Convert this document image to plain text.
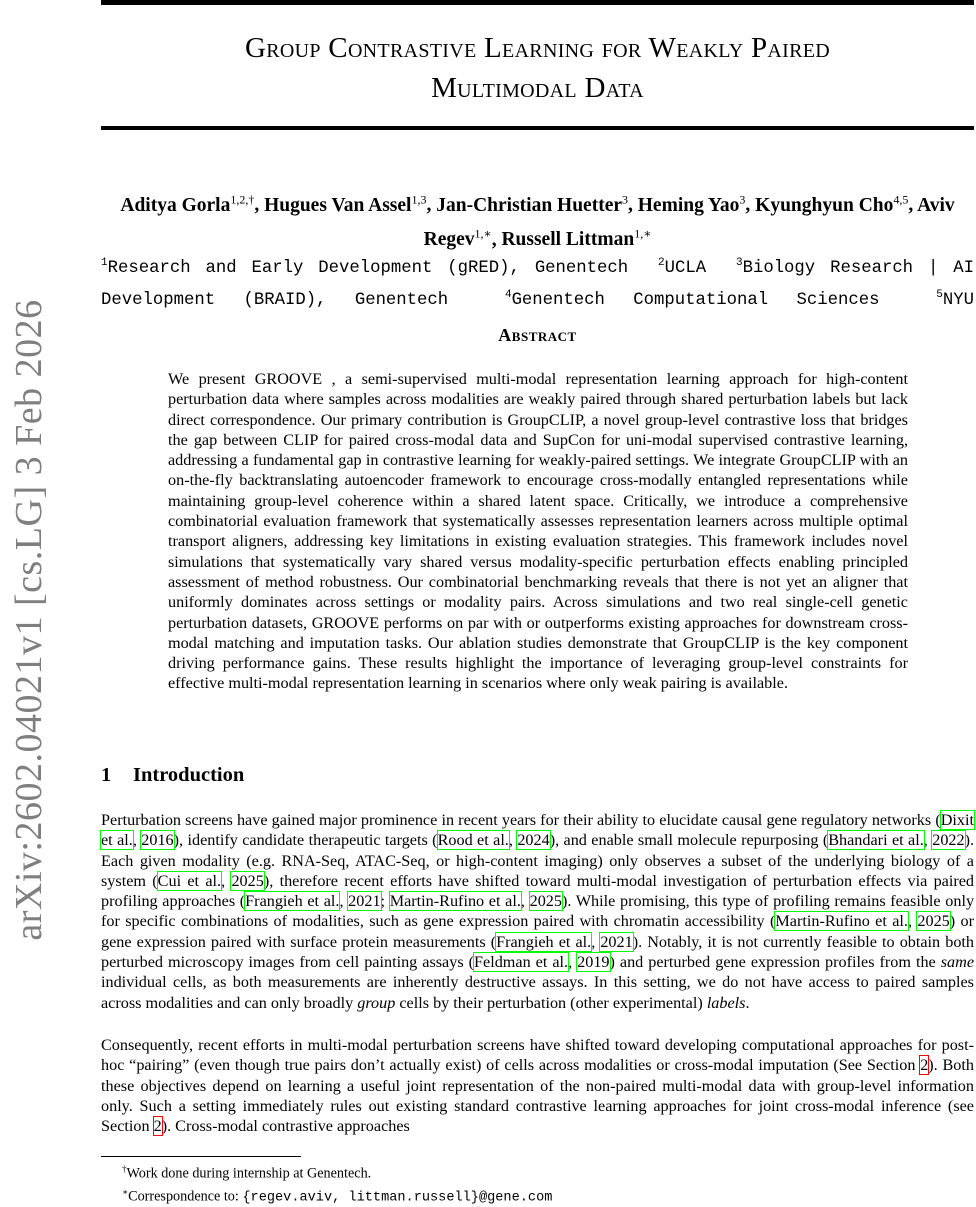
arXiv:2602.04021v1 [cs.LG] 3 Feb 2026
Group Contrastive Learning for Weakly Paired
Multimodal Data
Aditya Gorla$^{1,2,\dagger}$, Hugues Van Assel$^{1,3}$, Jan-Christian Huetter$^3$, Heming Yao$^3$, Kyunghyun Cho$^{4,5}$, Aviv Regev$^{1,∗}$, Russell Littman$^{1,∗}$
$^1$Research and Early Development (gRED), Genentech	$^2$UCLA	$^3$Biology Research | AI Development (BRAID), Genentech	$^4$Genentech Computational Sciences	$^5$NYU
Abstract
We present GROOVE , a semi-supervised multi-modal representation learning approach for high-content perturbation data where samples across modalities are weakly paired through shared perturbation labels but lack direct correspondence. Our primary contribution is GroupCLIP, a novel group-level contrastive loss that bridges the gap between CLIP for paired cross-modal data and SupCon for uni-modal supervised contrastive learning, addressing a fundamental gap in contrastive learning for weakly-paired settings. We integrate GroupCLIP with an on-the-fly backtranslating autoencoder framework to encourage cross-modally entangled representations while maintaining group-level coherence within a shared latent space. Critically, we introduce a comprehensive combinatorial evaluation framework that systematically assesses representation learners across multiple optimal transport aligners, addressing key limitations in existing evaluation strategies. This framework includes novel simulations that systematically vary shared versus modality-specific perturbation effects enabling principled assessment of method robustness. Our combinatorial benchmarking reveals that there is not yet an aligner that uniformly dominates across settings or modality pairs. Across simulations and two real single-cell genetic perturbation datasets, GROOVE performs on par with or outperforms existing approaches for downstream cross-modal matching and imputation tasks. Our ablation studies demonstrate that GroupCLIP is the key component driving performance gains. These results highlight the importance of leveraging group-level constraints for effective multi-modal representation learning in scenarios where only weak pairing is available.
1 Introduction
Perturbation screens have gained major prominence in recent years for their ability to elucidate causal gene regulatory networks (Dixit et al., 2016), identify candidate therapeutic targets (Rood et al., 2024), and enable small molecule repurposing (Bhandari et al., 2022). Each given modality (e.g. RNA-Seq, ATAC-Seq, or high-content imaging) only observes a subset of the underlying biology of a system (Cui et al., 2025), therefore recent efforts have shifted toward multi-modal investigation of perturbation effects via paired profiling approaches (Frangieh et al., 2021; Martin-Rufino et al., 2025). While promising, this type of profiling remains feasible only for specific combinations of modalities, such as gene expression paired with chromatin accessibility (Martin-Rufino et al., 2025) or gene expression paired with surface protein measurements (Frangieh et al., 2021). Notably, it is not currently feasible to obtain both perturbed microscopy images from cell painting assays (Feldman et al., 2019) and perturbed gene expression profiles from the same individual cells, as both measurements are inherently destructive assays. In this setting, we do not have access to paired samples across modalities and can only broadly group cells by their perturbation (other experimental) labels.
Consequently, recent efforts in multi-modal perturbation screens have shifted toward developing computational approaches for post-hoc “pairing” (even though true pairs don’t actually exist) of cells across modalities or cross-modal imputation (See Section 2). Both these objectives depend on learning a useful joint representation of the non-paired multi-modal data with group-level information only. Such a setting immediately rules out existing standard contrastive learning approaches for joint cross-modal inference (see Section 2). Cross-modal contrastive approaches
†Work done during internship at Genentech.
∗Correspondence to: {regev.aviv, littman.russell}@gene.com
